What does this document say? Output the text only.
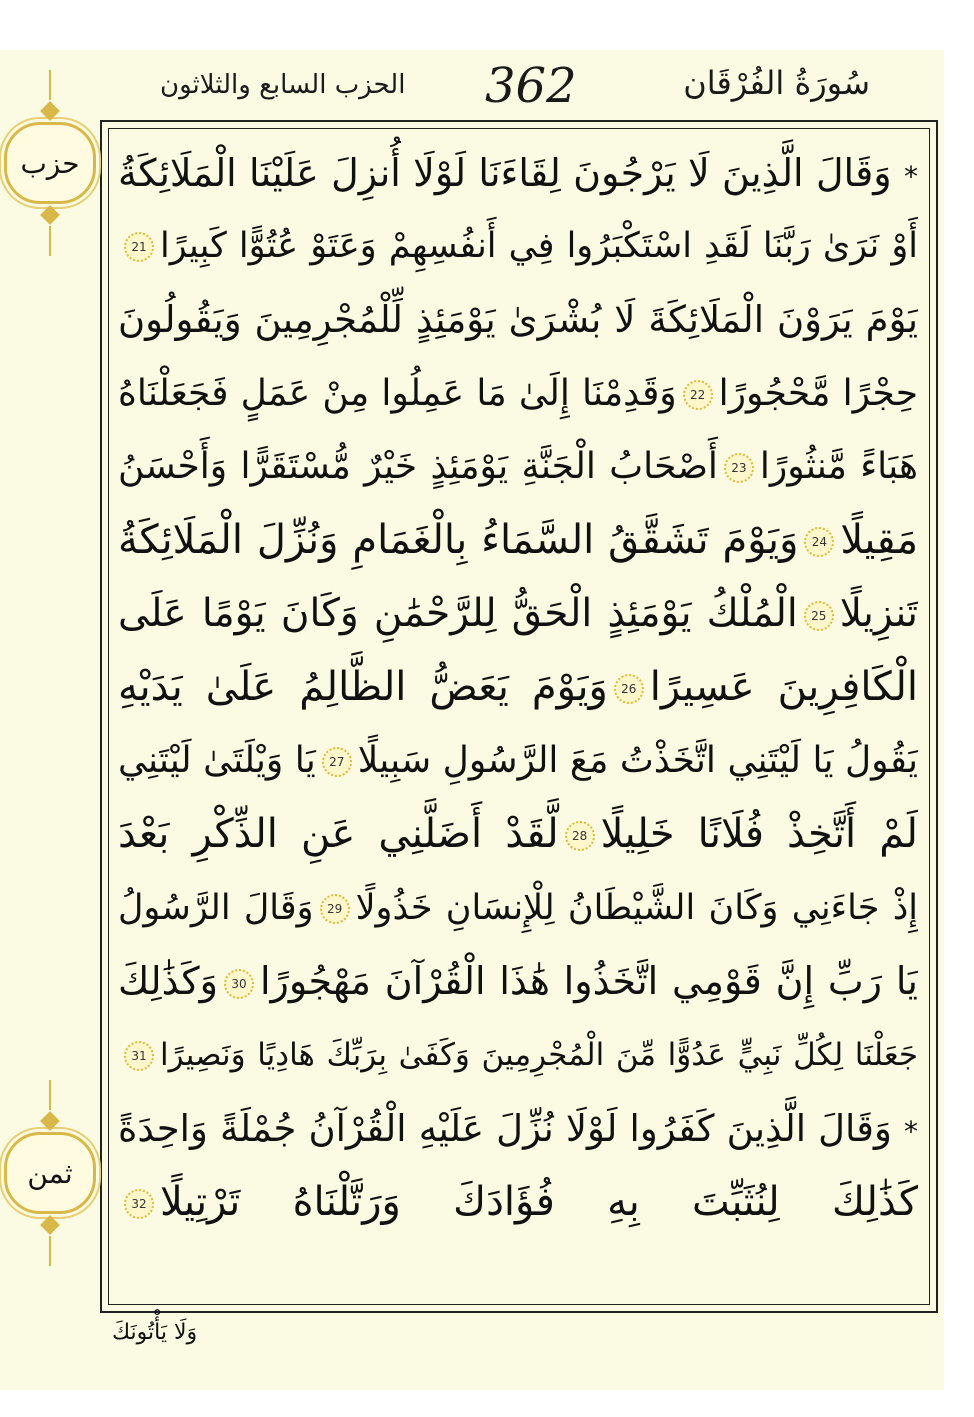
سُورَةُ الفُرْقَان
362
الحزب السابع والثلاثون
حزب
ثمن
* وَقَالَ الَّذِينَ لَا يَرْجُونَ لِقَاءَنَا لَوْلَا أُنزِلَ عَلَيْنَا الْمَلَائِكَةُ
أَوْ نَرَىٰ رَبَّنَا لَقَدِ اسْتَكْبَرُوا فِي أَنفُسِهِمْ وَعَتَوْ عُتُوًّا كَبِيرًا21
يَوْمَ يَرَوْنَ الْمَلَائِكَةَ لَا بُشْرَىٰ يَوْمَئِذٍ لِّلْمُجْرِمِينَ وَيَقُولُونَ
حِجْرًا مَّحْجُورًا22وَقَدِمْنَا إِلَىٰ مَا عَمِلُوا مِنْ عَمَلٍ فَجَعَلْنَاهُ
هَبَاءً مَّنثُورًا23أَصْحَابُ الْجَنَّةِ يَوْمَئِذٍ خَيْرٌ مُّسْتَقَرًّا وَأَحْسَنُ
مَقِيلًا24وَيَوْمَ تَشَقَّقُ السَّمَاءُ بِالْغَمَامِ وَنُزِّلَ الْمَلَائِكَةُ
تَنزِيلًا25الْمُلْكُ يَوْمَئِذٍ الْحَقُّ لِلرَّحْمَٰنِ وَكَانَ يَوْمًا عَلَى
الْكَافِرِينَ عَسِيرًا26وَيَوْمَ يَعَضُّ الظَّالِمُ عَلَىٰ يَدَيْهِ
يَقُولُ يَا لَيْتَنِي اتَّخَذْتُ مَعَ الرَّسُولِ سَبِيلًا27يَا وَيْلَتَىٰ لَيْتَنِي
لَمْ أَتَّخِذْ فُلَانًا خَلِيلًا28لَّقَدْ أَضَلَّنِي عَنِ الذِّكْرِ بَعْدَ
إِذْ جَاءَنِي وَكَانَ الشَّيْطَانُ لِلْإِنسَانِ خَذُولًا29وَقَالَ الرَّسُولُ
يَا رَبِّ إِنَّ قَوْمِي اتَّخَذُوا هَٰذَا الْقُرْآنَ مَهْجُورًا30وَكَذَٰلِكَ
جَعَلْنَا لِكُلِّ نَبِيٍّ عَدُوًّا مِّنَ الْمُجْرِمِينَ وَكَفَىٰ بِرَبِّكَ هَادِيًا وَنَصِيرًا31
* وَقَالَ الَّذِينَ كَفَرُوا لَوْلَا نُزِّلَ عَلَيْهِ الْقُرْآنُ جُمْلَةً وَاحِدَةً
كَذَٰلِكَ لِنُثَبِّتَ بِهِ فُؤَادَكَ وَرَتَّلْنَاهُ تَرْتِيلًا32
وَلَا يَأْتُونَكَ
